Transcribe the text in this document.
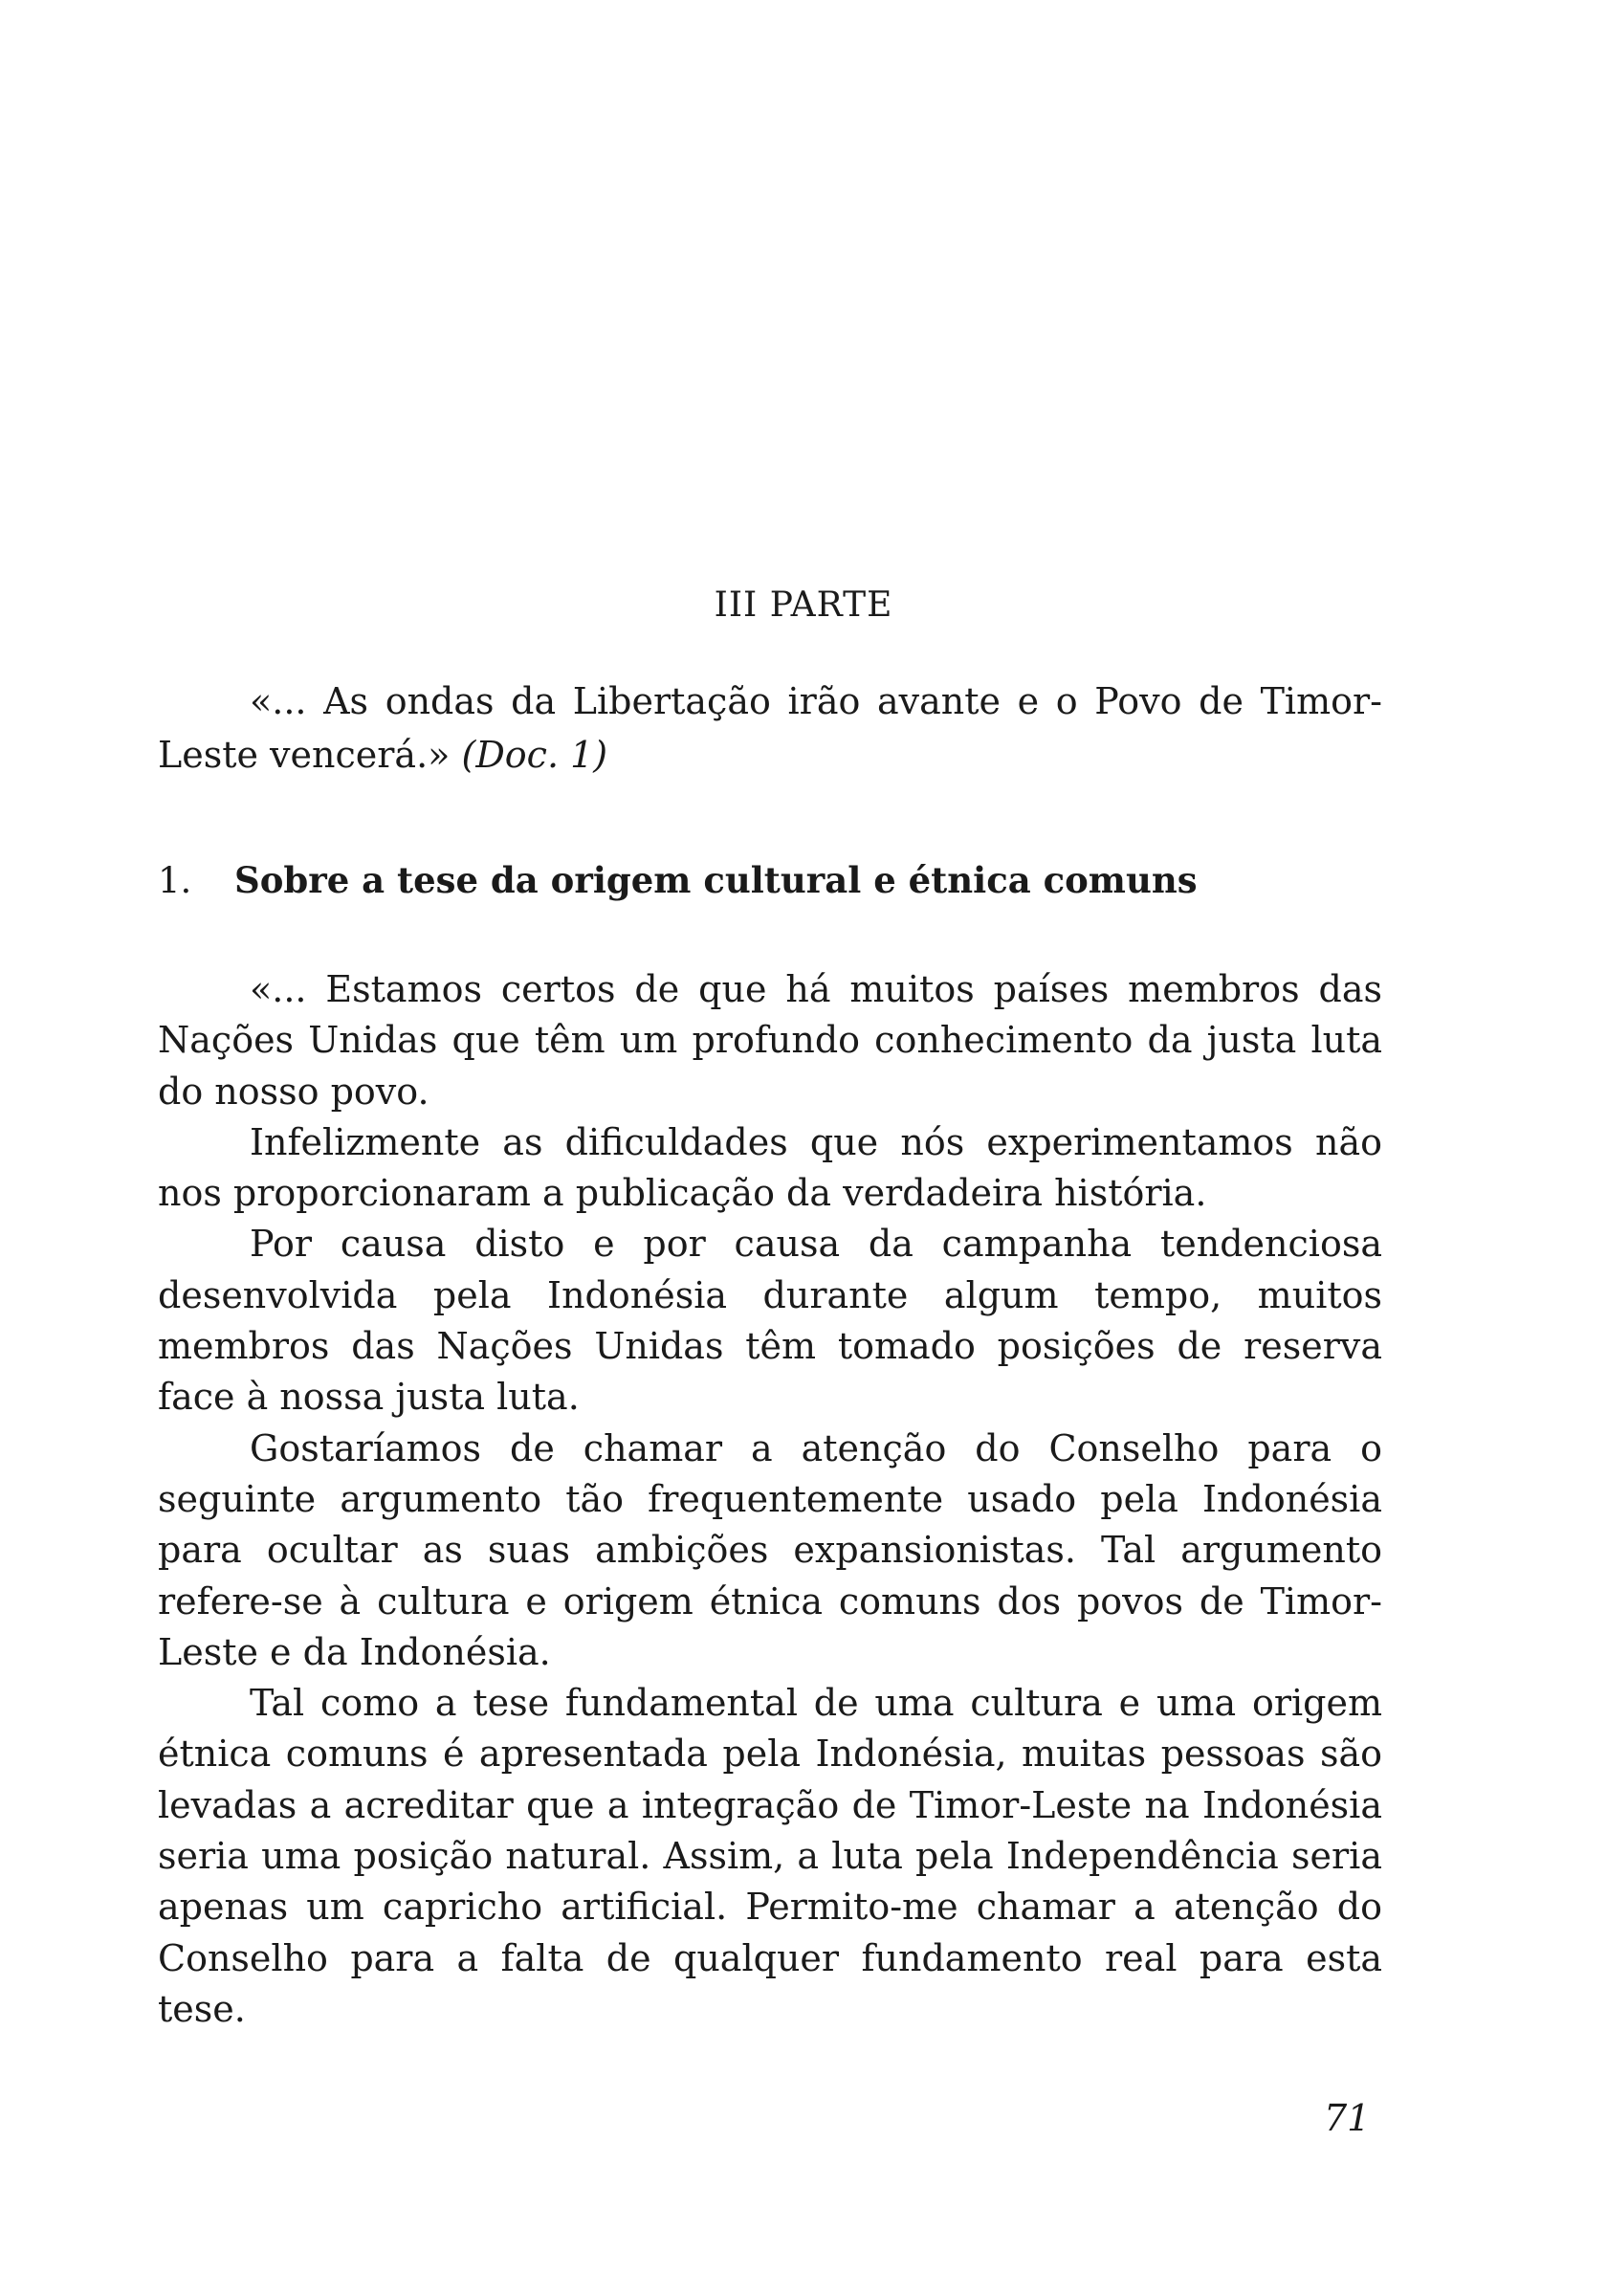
III PARTE

«... As ondas da Libertação irão avante e o Povo de Timor-Leste vencerá.» (Doc. 1)

1. Sobre a tese da origem cultural e étnica comuns

«... Estamos certos de que há muitos países membros das Nações Unidas que têm um profundo conhecimento da justa luta do nosso povo.

Infelizmente as dificuldades que nós experimentamos não nos proporcionaram a publicação da verdadeira história.

Por causa disto e por causa da campanha tendenciosa desenvolvida pela Indonésia durante algum tempo, muitos membros das Nações Unidas têm tomado posições de reserva face à nossa justa luta.

Gostaríamos de chamar a atenção do Conselho para o seguinte argumento tão frequentemente usado pela Indonésia para ocultar as suas ambições expansionistas. Tal argumento refere-se à cultura e origem étnica comuns dos povos de Timor-Leste e da Indonésia.

Tal como a tese fundamental de uma cultura e uma origem étnica comuns é apresentada pela Indonésia, muitas pessoas são levadas a acreditar que a integração de Timor-Leste na Indonésia seria uma posição natural. Assim, a luta pela Independência seria apenas um capricho artificial. Permito-me chamar a atenção do Conselho para a falta de qualquer fundamento real para esta tese.

71
